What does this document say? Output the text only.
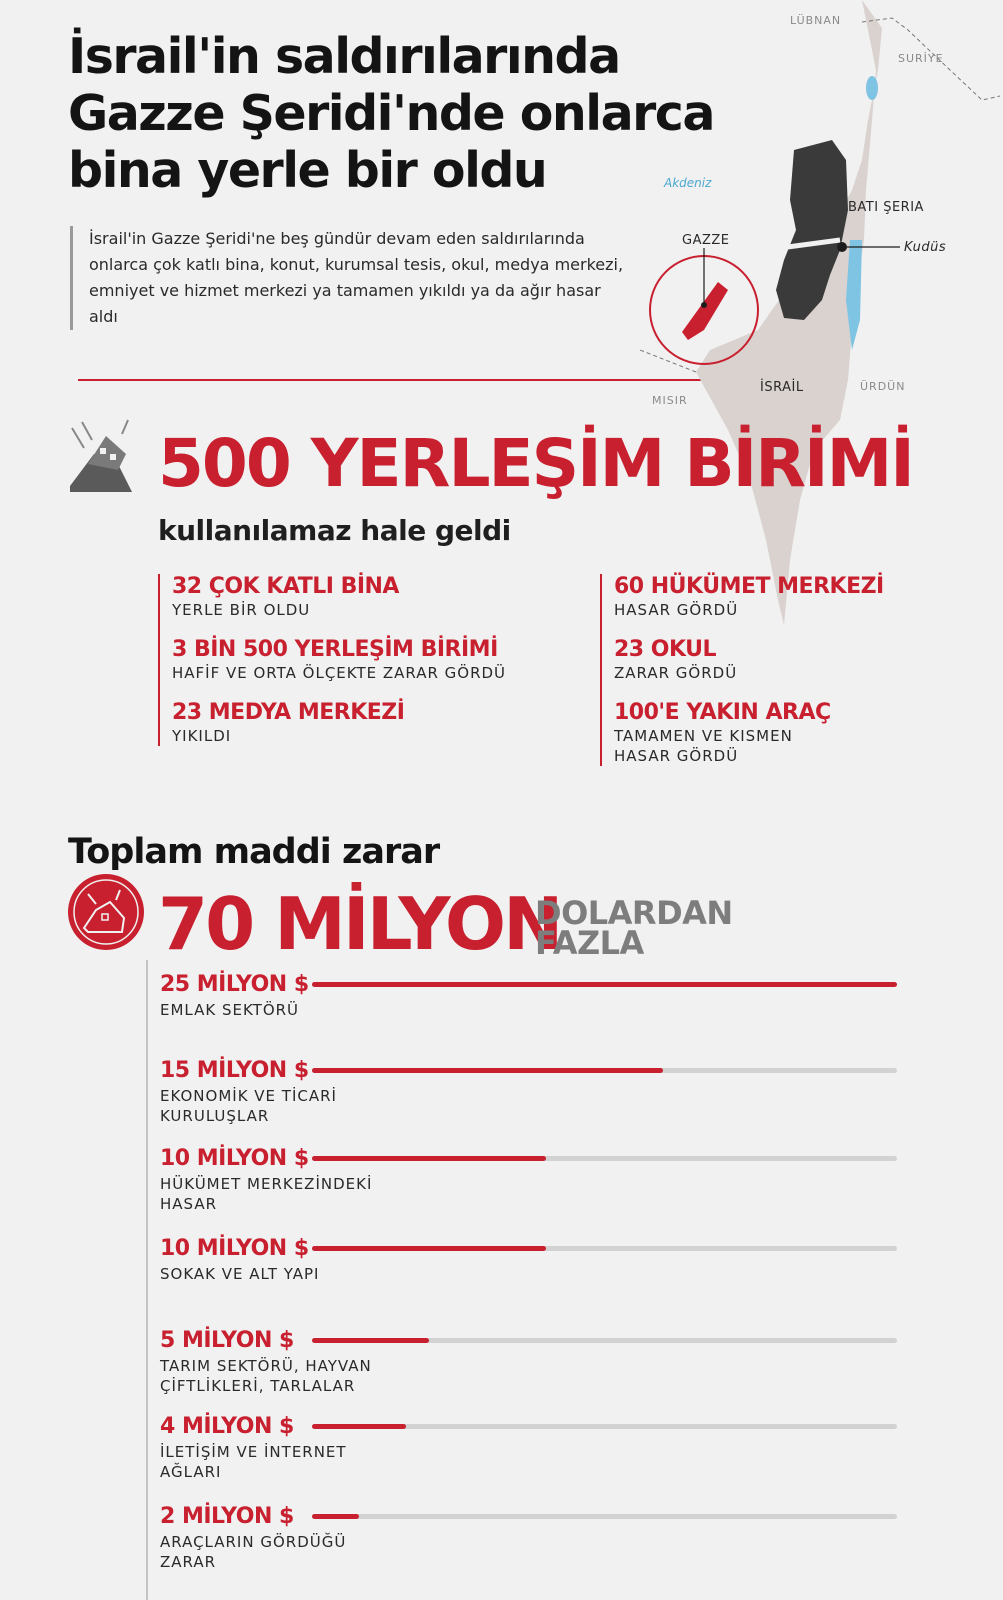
İsrail'in saldırılarında Gazze Şeridi'nde onlarca bina yerle bir oldu
İsrail'in Gazze Şeridi'ne beş gündür devam eden saldırılarında onlarca çok katlı bina, konut, kurumsal tesis, okul, medya merkezi, emniyet ve hizmet merkezi ya tamamen yıkıldı ya da ağır hasar aldı
LÜBNAN
SURİYE
Akdeniz
BATI ŞERIA
Kudüs
GAZZE
İSRAİL
MISIR
ÜRDÜN
500 YERLEŞİM BİRİMİ
kullanılamaz hale geldi
32 ÇOK KATLI BİNA
YERLE BİR OLDU
3 BİN 500 YERLEŞİM BİRİMİ
HAFİF VE ORTA ÖLÇEKTE ZARAR GÖRDÜ
23 MEDYA MERKEZİ
YIKILDI
60 HÜKÜMET MERKEZİ
HASAR GÖRDÜ
23 OKUL
ZARAR GÖRDÜ
100'E YAKIN ARAÇ
TAMAMEN VE KISMEN HASAR GÖRDÜ
Toplam maddi zarar
70 MİLYON
DOLARDAN FAZLA
25 MİLYON $
EMLAK SEKTÖRÜ
15 MİLYON $
EKONOMİK VE TİCARİ KURULUŞLAR
10 MİLYON $
HÜKÜMET MERKEZİNDEKİ HASAR
10 MİLYON $
SOKAK VE ALT YAPI
5 MİLYON $
TARIM SEKTÖRÜ, HAYVAN ÇİFTLİKLERİ, TARLALAR
4 MİLYON $
İLETİŞİM VE İNTERNET AĞLARI
2 MİLYON $
ARAÇLARIN GÖRDÜĞÜ ZARAR
